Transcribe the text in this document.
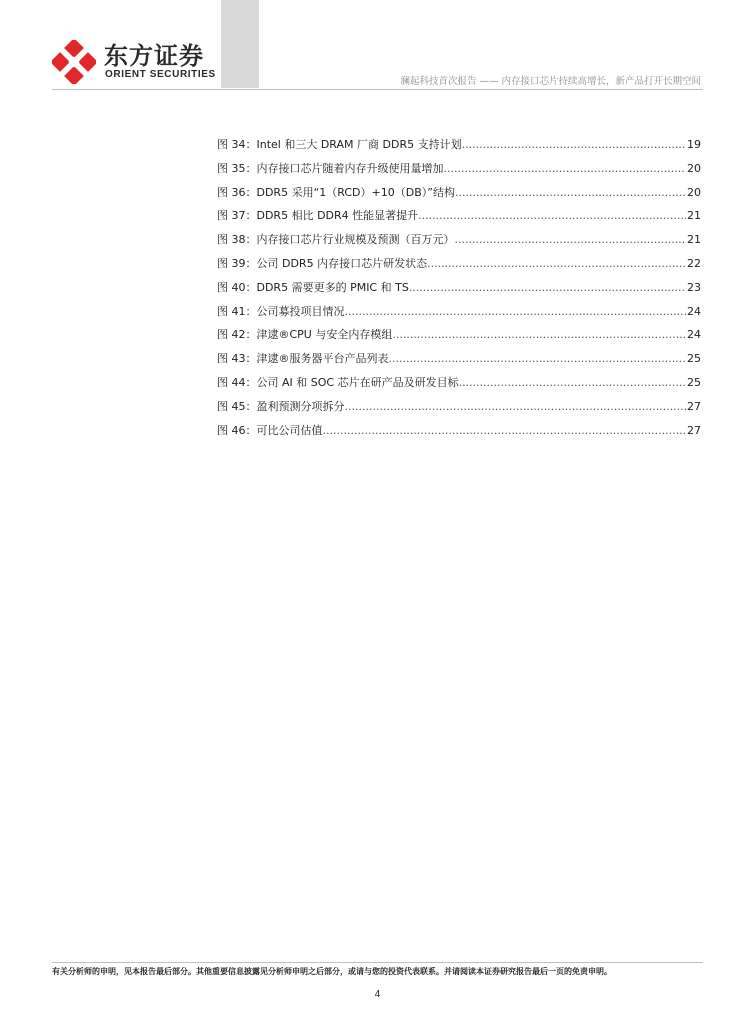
东方证券
ORIENT SECURITIES
澜起科技首次报告 —— 内存接口芯片持续高增长，新产品打开长期空间
图 34：Intel 和三大 DRAM 厂商 DDR5 支持计划 .....	19
图 35：内存接口芯片随着内存升级使用量增加 .....	20
图 36：DDR5 采用“1（RCD）+10（DB）”结构 .....	20
图 37：DDR5 相比 DDR4 性能显著提升 .....	21
图 38：内存接口芯片行业规模及预测（百万元） .....	21
图 39：公司 DDR5 内存接口芯片研发状态 .....	22
图 40：DDR5 需要更多的 PMIC 和 TS .....	23
图 41：公司募投项目情况 .....	24
图 42：津逮®CPU 与安全内存模组 .....	24
图 43：津逮®服务器平台产品列表 .....	25
图 44：公司 AI 和 SOC 芯片在研产品及研发目标 .....	25
图 45：盈利预测分项拆分 .....	27
图 46：可比公司估值 .....	27
有关分析师的申明，见本报告最后部分。其他重要信息披露见分析师申明之后部分，或请与您的投资代表联系。并请阅读本证券研究报告最后一页的免责申明。
4
